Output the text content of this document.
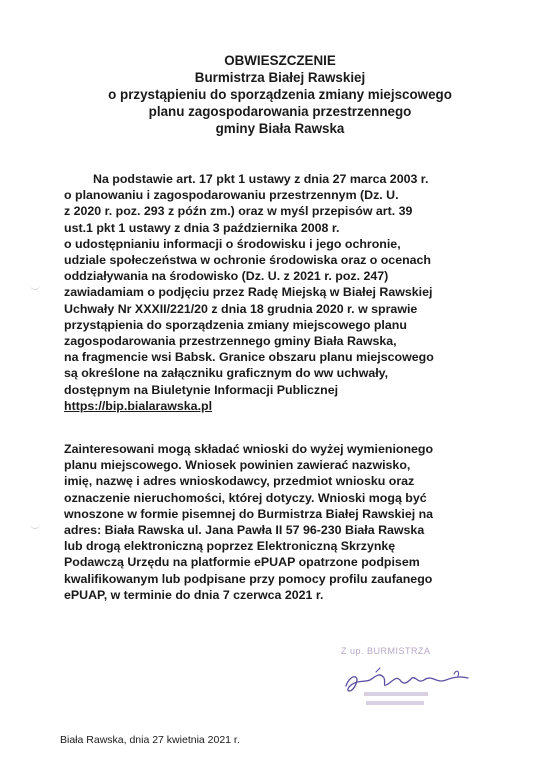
OBWIESZCZENIE
Burmistrza Białej Rawskiej
o przystąpieniu do sporządzenia zmiany miejscowego
planu zagospodarowania przestrzennego
gminy Biała Rawska
Na podstawie art. 17 pkt 1 ustawy z dnia 27 marca 2003 r.
o planowaniu i zagospodarowaniu przestrzennym (Dz. U.
z 2020 r. poz. 293 z późn zm.) oraz w myśl przepisów art. 39
ust.1 pkt 1 ustawy z dnia 3 października 2008 r.
o udostępnianiu informacji o środowisku i jego ochronie,
udziale społeczeństwa w ochronie środowiska oraz o ocenach
oddziaływania na środowisko (Dz. U. z 2021 r. poz. 247)
zawiadamiam o podjęciu przez Radę Miejską w Białej Rawskiej
Uchwały Nr XXXII/221/20 z dnia 18 grudnia 2020 r. w sprawie
przystąpienia do sporządzenia zmiany miejscowego planu
zagospodarowania przestrzennego gminy Biała Rawska,
na fragmencie wsi Babsk. Granice obszaru planu miejscowego
są określone na załączniku graficznym do ww uchwały,
dostępnym na Biuletynie Informacji Publicznej
https://bip.bialarawska.pl
Zainteresowani mogą składać wnioski do wyżej wymienionego
planu miejscowego. Wniosek powinien zawierać nazwisko,
imię, nazwę i adres wnioskodawcy, przedmiot wniosku oraz
oznaczenie nieruchomości, której dotyczy. Wnioski mogą być
wnoszone w formie pisemnej do Burmistrza Białej Rawskiej na
adres: Biała Rawska ul. Jana Pawła II 57 96-230 Biała Rawska
lub drogą elektroniczną poprzez Elektroniczną Skrzynkę
Podawczą Urzędu na platformie ePUAP opatrzone podpisem
kwalifikowanym lub podpisane przy pomocy profilu zaufanego
ePUAP, w terminie do dnia 7 czerwca 2021 r.
Z up. BURMISTRZA
Biała Rawska, dnia 27 kwietnia 2021 r.
